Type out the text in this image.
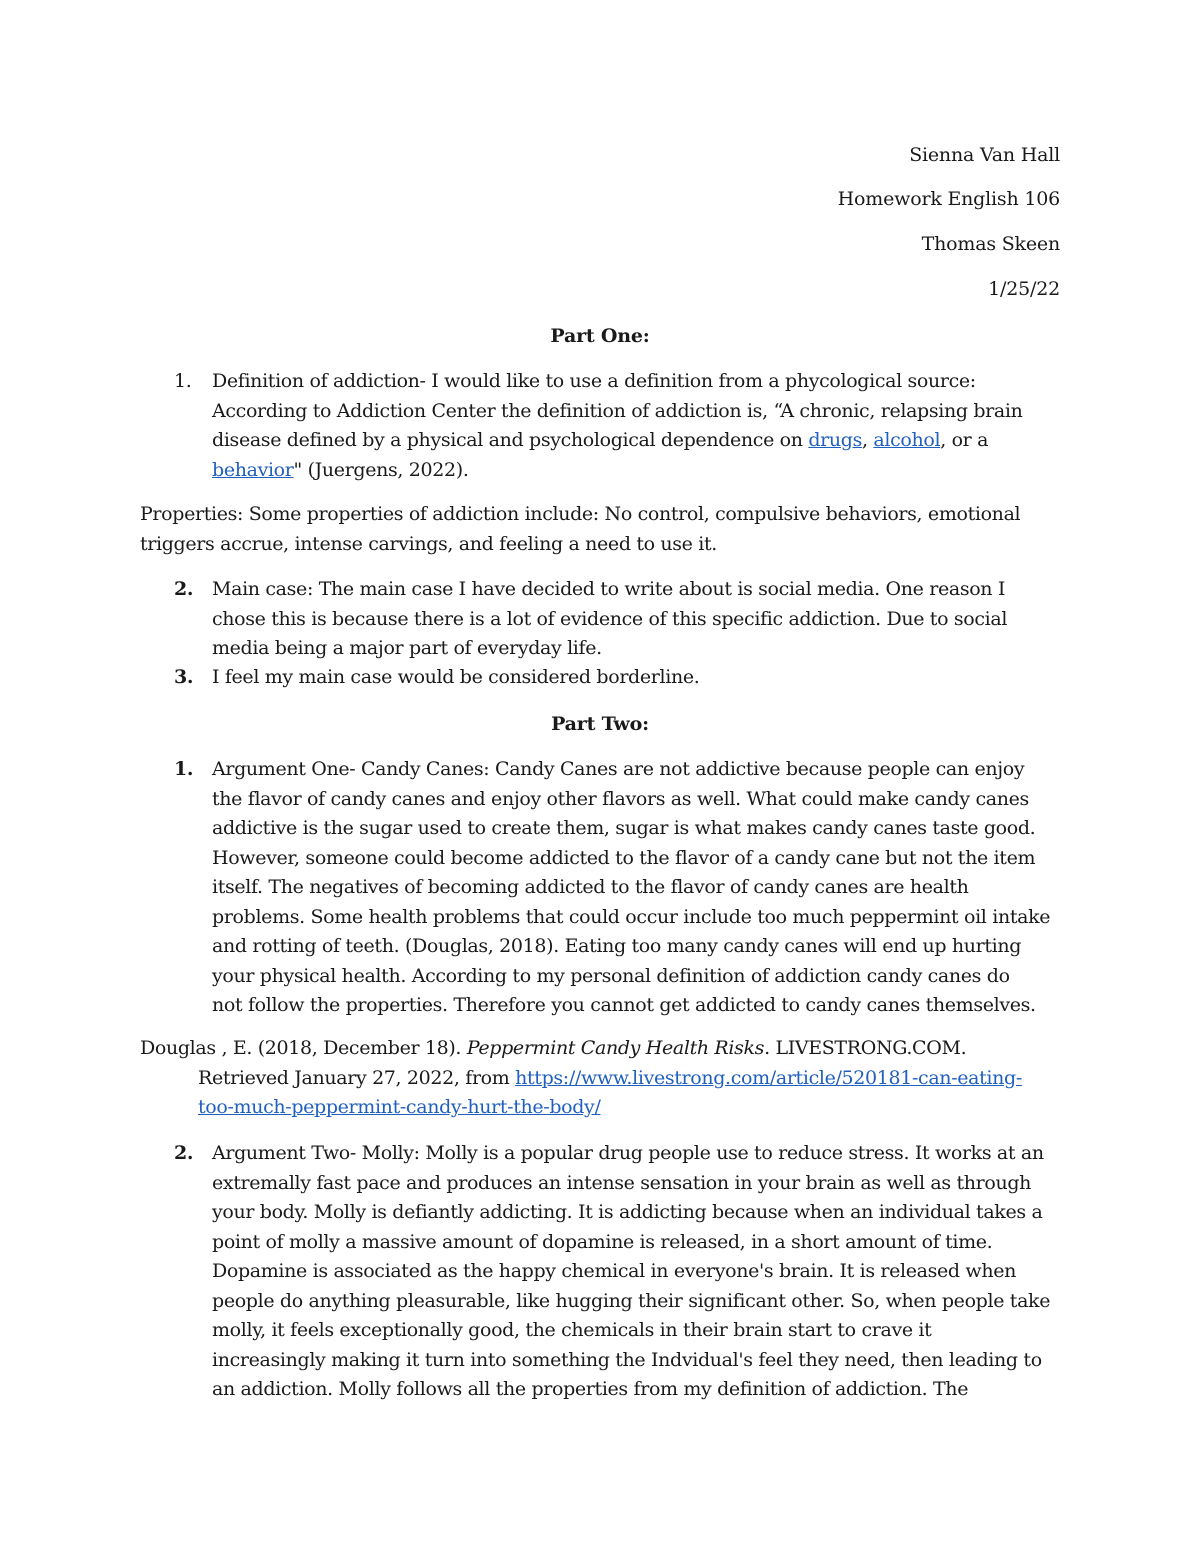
Sienna Van Hall
Homework English 106
Thomas Skeen
1/25/22
Part One:
1.	Definition of addiction- I would like to use a definition from a phycological source:
According to Addiction Center the definition of addiction is, “A chronic, relapsing brain
disease defined by a physical and psychological dependence on drugs, alcohol, or a
behavior" (Juergens, 2022).
Properties: Some properties of addiction include: No control, compulsive behaviors, emotional
triggers accrue, intense carvings, and feeling a need to use it.
2. Main case: The main case I have decided to write about is social media. One reason I
chose this is because there is a lot of evidence of this specific addiction. Due to social
media being a major part of everyday life.
3. I feel my main case would be considered borderline.
Part Two:
1. Argument One- Candy Canes: Candy Canes are not addictive because people can enjoy
the flavor of candy canes and enjoy other flavors as well. What could make candy canes
addictive is the sugar used to create them, sugar is what makes candy canes taste good.
However, someone could become addicted to the flavor of a candy cane but not the item
itself. The negatives of becoming addicted to the flavor of candy canes are health
problems. Some health problems that could occur include too much peppermint oil intake
and rotting of teeth. (Douglas, 2018). Eating too many candy canes will end up hurting
your physical health. According to my personal definition of addiction candy canes do
not follow the properties. Therefore you cannot get addicted to candy canes themselves.
Douglas , E. (2018, December 18). Peppermint Candy Health Risks. LIVESTRONG.COM.
Retrieved January 27, 2022, from https://www.livestrong.com/article/520181-can-eating-
too-much-peppermint-candy-hurt-the-body/
2. Argument Two- Molly: Molly is a popular drug people use to reduce stress. It works at an
extremally fast pace and produces an intense sensation in your brain as well as through
your body. Molly is defiantly addicting. It is addicting because when an individual takes a
point of molly a massive amount of dopamine is released, in a short amount of time.
Dopamine is associated as the happy chemical in everyone's brain. It is released when
people do anything pleasurable, like hugging their significant other. So, when people take
molly, it feels exceptionally good, the chemicals in their brain start to crave it
increasingly making it turn into something the Indvidual's feel they need, then leading to
an addiction. Molly follows all the properties from my definition of addiction. The
